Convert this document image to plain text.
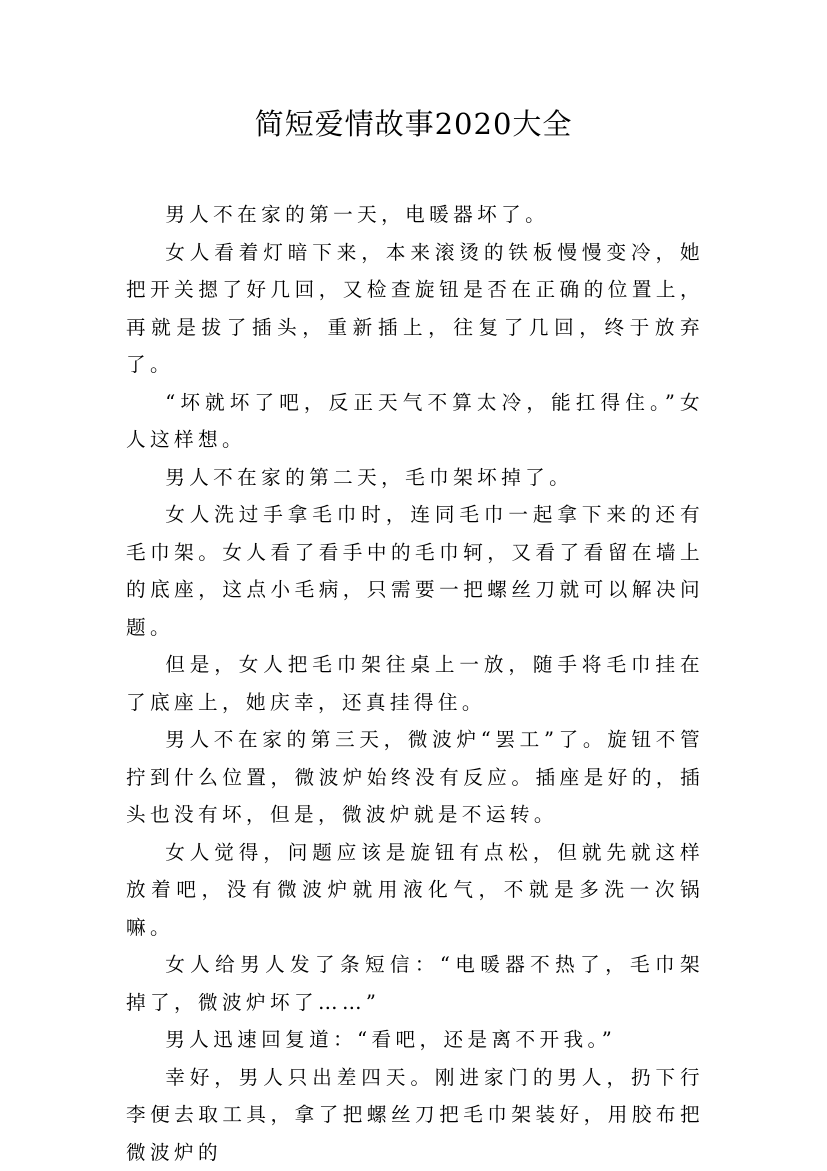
简短爱情故事2020大全

男人不在家的第一天，电暖器坏了。

女人看着灯暗下来，本来滚烫的铁板慢慢变冷，她把开关摁了好几回，又检查旋钮是否在正确的位置上，再就是拔了插头，重新插上，往复了几回，终于放弃了。

“坏就坏了吧，反正天气不算太冷，能扛得住。”女人这样想。

男人不在家的第二天，毛巾架坏掉了。

女人洗过手拿毛巾时，连同毛巾一起拿下来的还有毛巾架。女人看了看手中的毛巾轲，又看了看留在墙上的底座，这点小毛病，只需要一把螺丝刀就可以解决问题。

但是，女人把毛巾架往桌上一放，随手将毛巾挂在了底座上，她庆幸，还真挂得住。

男人不在家的第三天，微波炉“罢工”了。旋钮不管拧到什么位置，微波炉始终没有反应。插座是好的，插头也没有坏，但是，微波炉就是不运转。

女人觉得，问题应该是旋钮有点松，但就先就这样放着吧，没有微波炉就用液化气，不就是多洗一次锅嘛。

女人给男人发了条短信：“电暖器不热了，毛巾架掉了，微波炉坏了……”

男人迅速回复道：“看吧，还是离不开我。”

幸好，男人只出差四天。刚进家门的男人，扔下行李便去取工具，拿了把螺丝刀把毛巾架装好，用胶布把微波炉的
